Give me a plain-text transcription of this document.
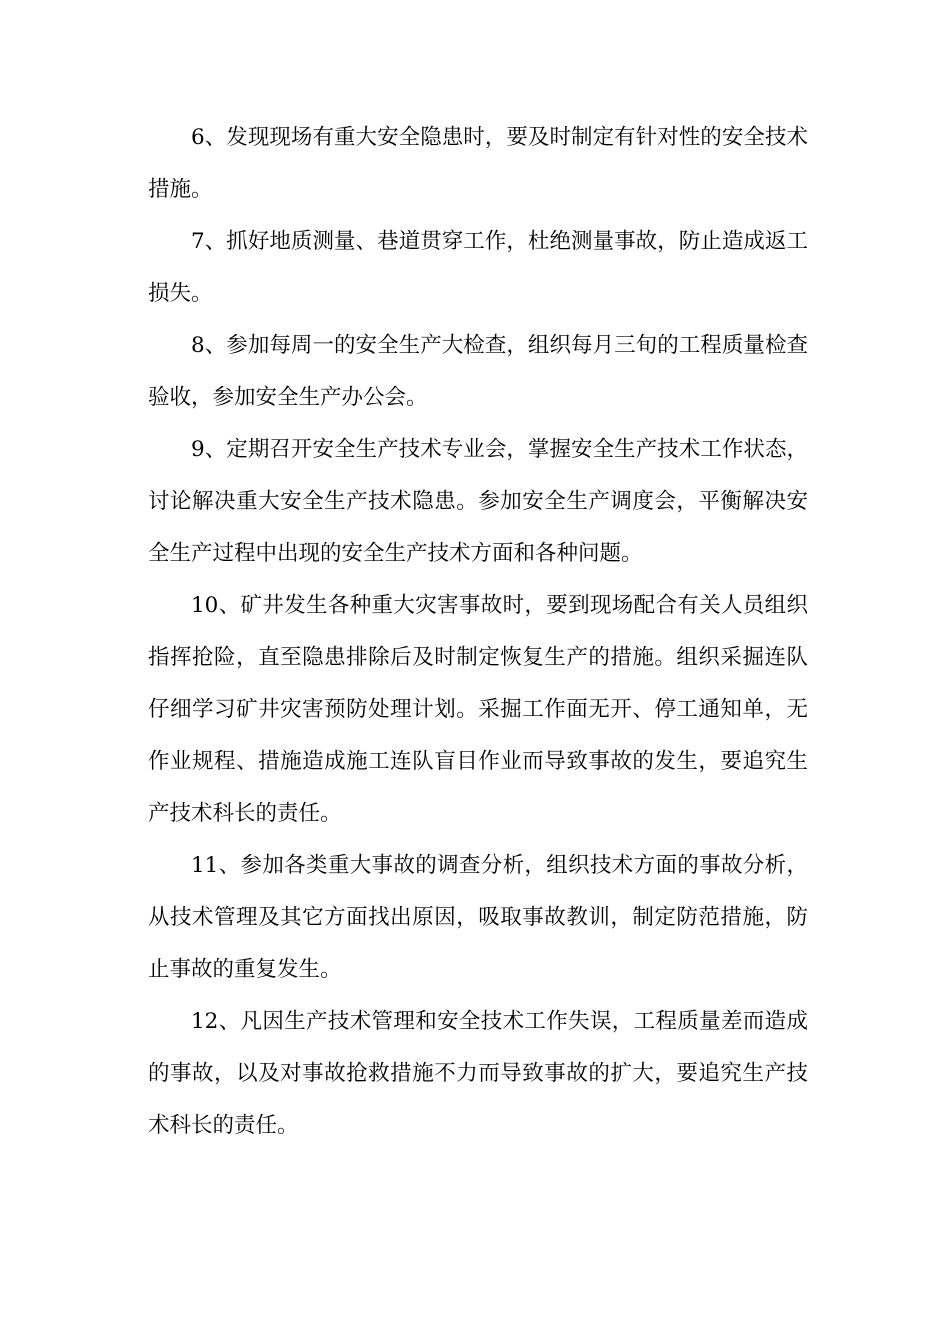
6、发现现场有重大安全隐患时，要及时制定有针对性的安全技术措施。

7、抓好地质测量、巷道贯穿工作，杜绝测量事故，防止造成返工损失。

8、参加每周一的安全生产大检查，组织每月三旬的工程质量检查验收，参加安全生产办公会。

9、定期召开安全生产技术专业会，掌握安全生产技术工作状态，讨论解决重大安全生产技术隐患。参加安全生产调度会，平衡解决安全生产过程中出现的安全生产技术方面和各种问题。

10、矿井发生各种重大灾害事故时，要到现场配合有关人员组织指挥抢险，直至隐患排除后及时制定恢复生产的措施。组织采掘连队仔细学习矿井灾害预防处理计划。采掘工作面无开、停工通知单，无作业规程、措施造成施工连队盲目作业而导致事故的发生，要追究生产技术科长的责任。

11、参加各类重大事故的调查分析，组织技术方面的事故分析，从技术管理及其它方面找出原因，吸取事故教训，制定防范措施，防止事故的重复发生。

12、凡因生产技术管理和安全技术工作失误，工程质量差而造成的事故，以及对事故抢救措施不力而导致事故的扩大，要追究生产技术科长的责任。
